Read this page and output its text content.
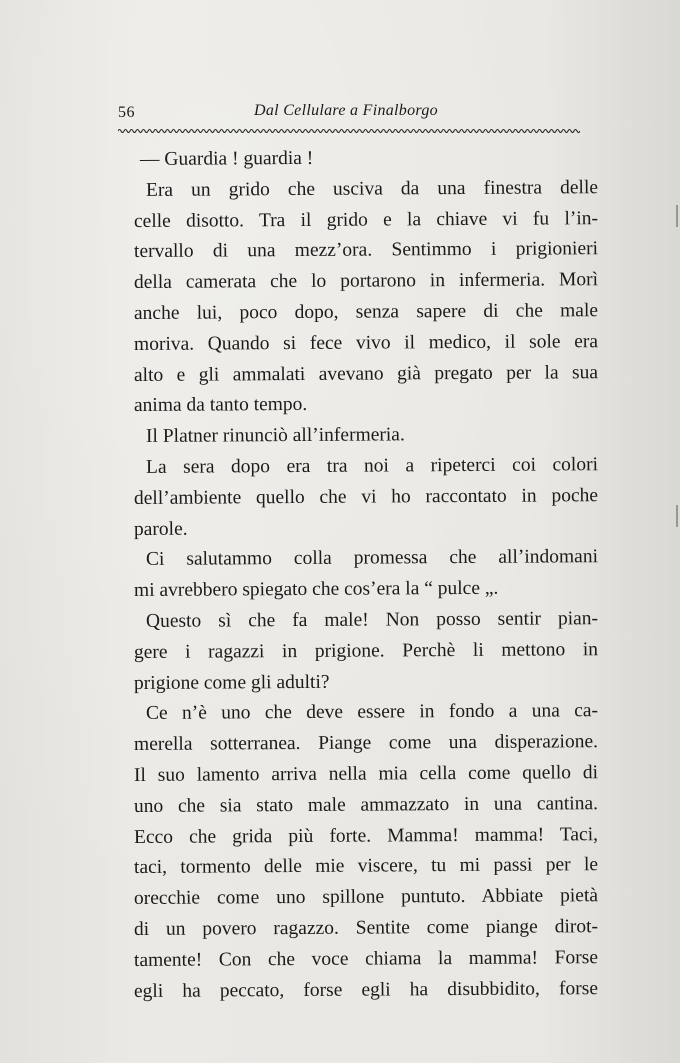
56	Dal Cellulare a Finalborgo
— Guardia ! guardia !
Era un grido che usciva da una finestra delle
celle disotto. Tra il grido e la chiave vi fu l’in-
tervallo di una mezz’ora. Sentimmo i prigionieri
della camerata che lo portarono in infermeria. Morì
anche lui, poco dopo, senza sapere di che male
moriva. Quando si fece vivo il medico, il sole era
alto e gli ammalati avevano già pregato per la sua
anima da tanto tempo.
Il Platner rinunciò all’infermeria.
La sera dopo era tra noi a ripeterci coi colori
dell’ambiente quello che vi ho raccontato in poche
parole.
Ci salutammo colla promessa che all’indomani
mi avrebbero spiegato che cos’era la “ pulce „.
Questo sì che fa male! Non posso sentir pian-
gere i ragazzi in prigione. Perchè li mettono in
prigione come gli adulti?
Ce n’è uno che deve essere in fondo a una ca-
merella sotterranea. Piange come una disperazione.
Il suo lamento arriva nella mia cella come quello di
uno che sia stato male ammazzato in una cantina.
Ecco che grida più forte. Mamma! mamma! Taci,
taci, tormento delle mie viscere, tu mi passi per le
orecchie come uno spillone puntuto. Abbiate pietà
di un povero ragazzo. Sentite come piange dirot-
tamente! Con che voce chiama la mamma! Forse
egli ha peccato, forse egli ha disubbidito, forse
